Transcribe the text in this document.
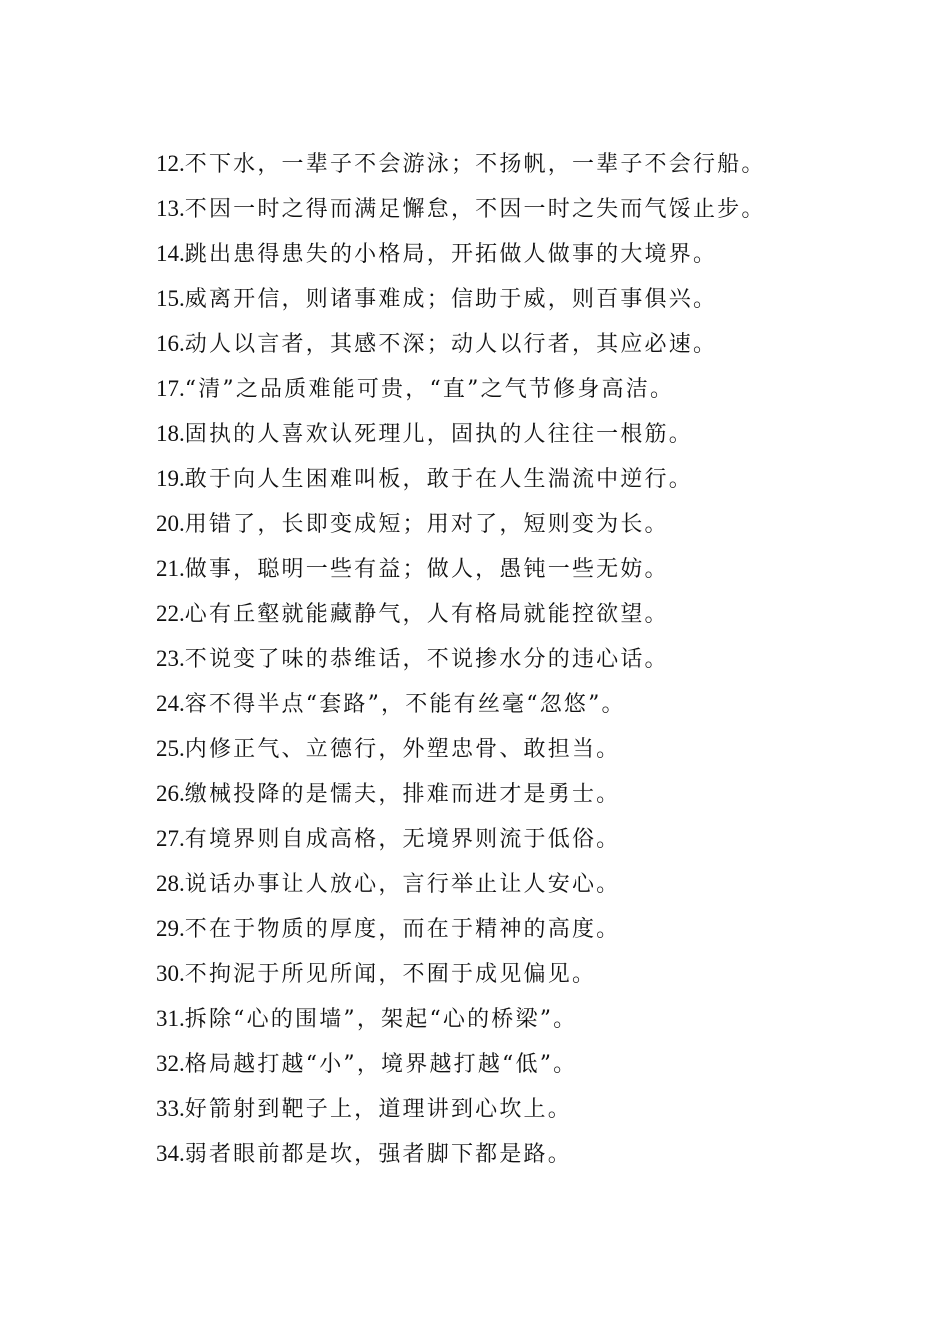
12.不下水，一辈子不会游泳；不扬帆，一辈子不会行船。
13.不因一时之得而满足懈怠，不因一时之失而气馁止步。
14.跳出患得患失的小格局，开拓做人做事的大境界。
15.威离开信，则诸事难成；信助于威，则百事俱兴。
16.动人以言者，其感不深；动人以行者，其应必速。
17.“清”之品质难能可贵，“直”之气节修身高洁。
18.固执的人喜欢认死理儿，固执的人往往一根筋。
19.敢于向人生困难叫板，敢于在人生湍流中逆行。
20.用错了，长即变成短；用对了，短则变为长。
21.做事，聪明一些有益；做人，愚钝一些无妨。
22.心有丘壑就能藏静气，人有格局就能控欲望。
23.不说变了味的恭维话，不说掺水分的违心话。
24.容不得半点“套路”，不能有丝毫“忽悠”。
25.内修正气、立德行，外塑忠骨、敢担当。
26.缴械投降的是懦夫，排难而进才是勇士。
27.有境界则自成高格，无境界则流于低俗。
28.说话办事让人放心，言行举止让人安心。
29.不在于物质的厚度，而在于精神的高度。
30.不拘泥于所见所闻，不囿于成见偏见。
31.拆除“心的围墙”，架起“心的桥梁”。
32.格局越打越“小”，境界越打越“低”。
33.好箭射到靶子上，道理讲到心坎上。
34.弱者眼前都是坎，强者脚下都是路。
